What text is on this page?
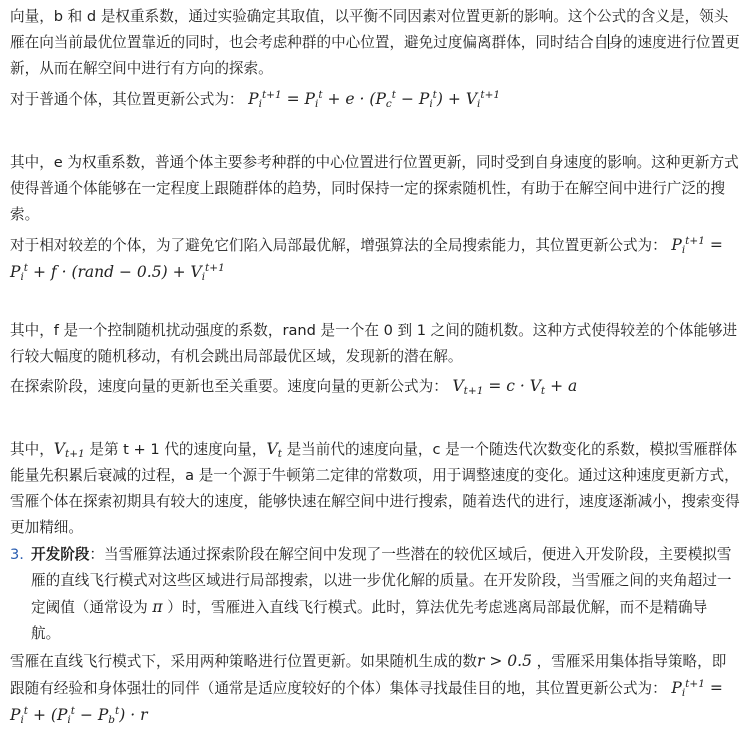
向量，b 和 d 是权重系数，通过实验确定其取值，以平衡不同因素对位置更新的影响。这个公式的含义是，领头雁在向当前最优位置靠近的同时，也会考虑种群的中心位置，避免过度偏离群体，同时结合自身的速度进行位置更新，从而在解空间中进行有方向的探索。
对于普通个体，其位置更新公式为： $P_i^{t+1} = P_i^t + e \cdot (P_c^t - P_i^t) + V_i^{t+1}$
其中，e 为权重系数，普通个体主要参考种群的中心位置进行位置更新，同时受到自身速度的影响。这种更新方式使得普通个体能够在一定程度上跟随群体的趋势，同时保持一定的探索随机性，有助于在解空间中进行广泛的搜索。
对于相对较差的个体，为了避免它们陷入局部最优解，增强算法的全局搜索能力，其位置更新公式为： $P_i^{t+1} = P_i^t + f$ · (rand − $0.5) + V_i^{t+1}$
其中，f 是一个控制随机扰动强度的系数，rand 是一个在 0 到 1 之间的随机数。这种方式使得较差的个体能够进行较大幅度的随机移动，有机会跳出局部最优区域，发现新的潜在解。
在探索阶段，速度向量的更新也至关重要。速度向量的更新公式为： $V_{t+1} = c \cdot V_t + a$
其中，$V_{t+1}$ 是第 t + 1 代的速度向量，$V_t$ 是当前代的速度向量，c 是一个随迭代次数变化的系数，模拟雪雁群体能量先积累后衰减的过程，a 是一个源于牛顿第二定律的常数项，用于调整速度的变化。通过这种速度更新方式，雪雁个体在探索初期具有较大的速度，能够快速在解空间中进行搜索，随着迭代的进行，速度逐渐减小，搜索变得更加精细。
3. 开发阶段：当雪雁算法通过探索阶段在解空间中发现了一些潜在的较优区域后，便进入开发阶段，主要模拟雪雁的直线飞行模式对这些区域进行局部搜索，以进一步优化解的质量。在开发阶段，当雪雁之间的夹角超过一定阈值（通常设为 π ）时，雪雁进入直线飞行模式。此时，算法优先考虑逃离局部最优解，而不是精确导航。
雪雁在直线飞行模式下，采用两种策略进行位置更新。如果随机生成的数r > 0.5 ，雪雁采用集体指导策略，即跟随有经验和身体强壮的同伴（通常是适应度较好的个体）集体寻找最佳目的地，其位置更新公式为： $P_i^{t+1} = P_i^t + (P_i^t - P_b^t) \cdot r$
